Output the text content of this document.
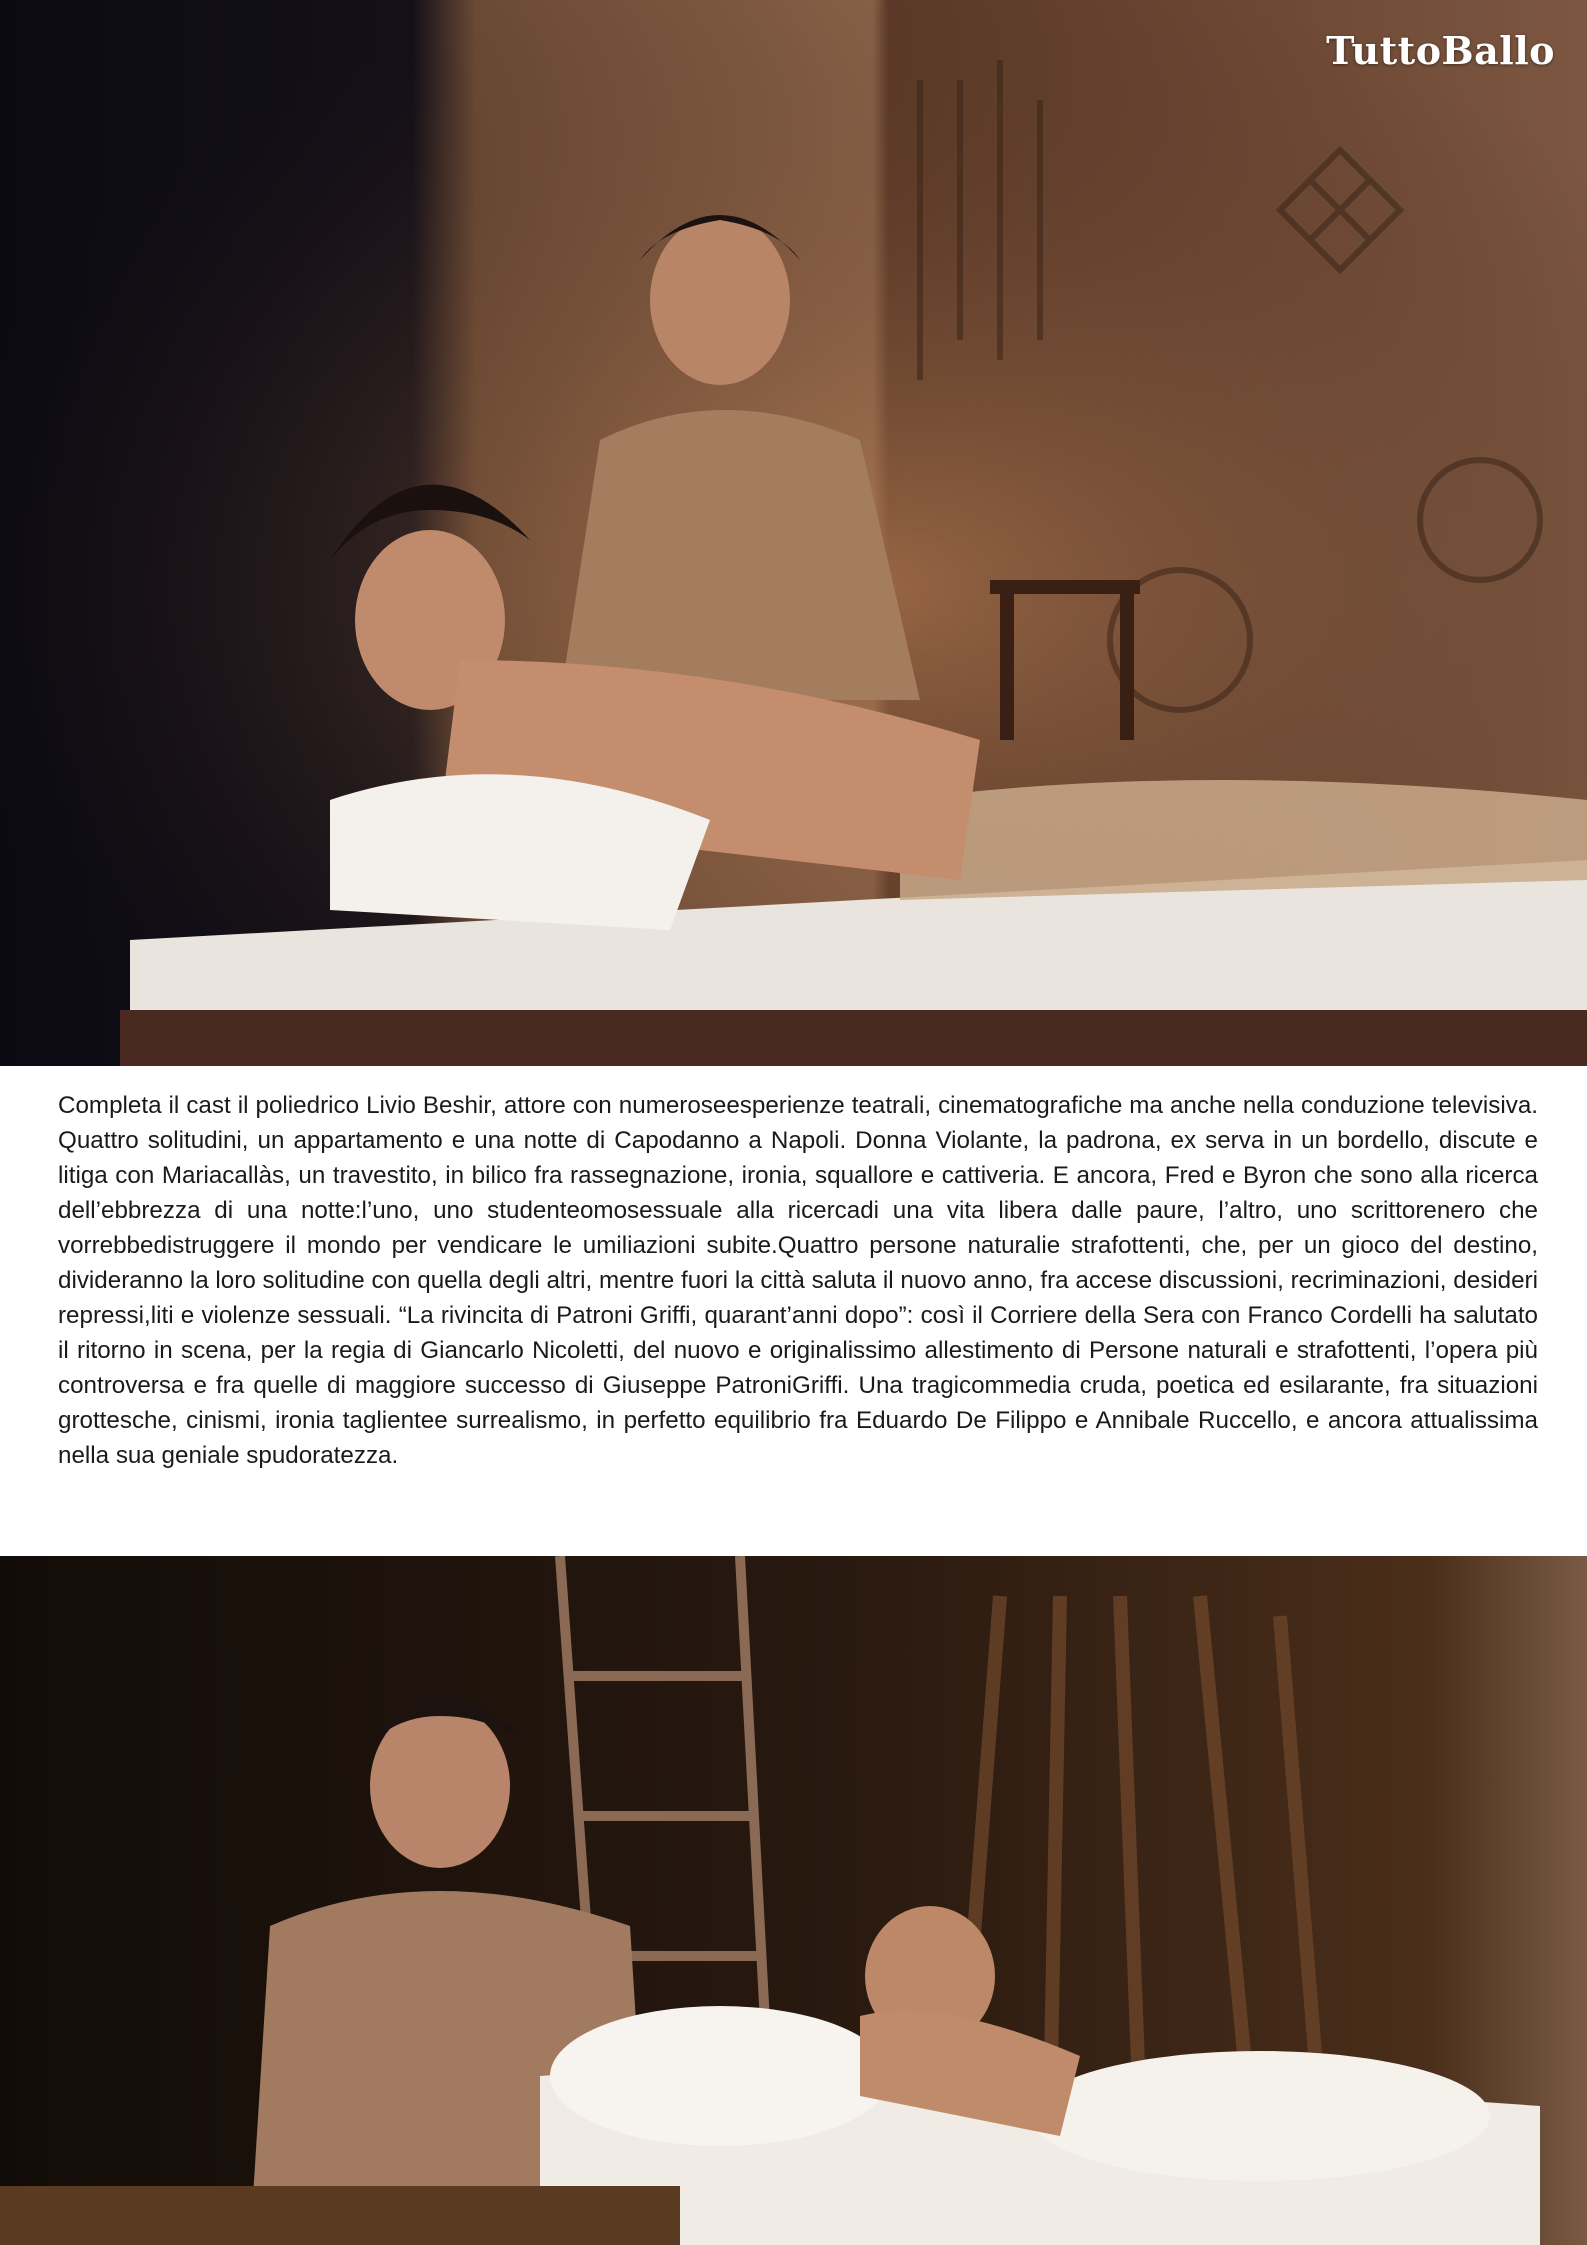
TuttoBallo

Completa il cast il poliedrico Livio Beshir, attore con numeroseesperienze teatrali, cinematografiche ma anche nella conduzione televisiva. Quattro solitudini, un appartamento e una notte di Capodanno a Napoli. Donna Violante, la padrona, ex serva in un bordello, discute e litiga con Mariacallàs, un travestito, in bilico fra rassegnazione, ironia, squallore e cattiveria. E ancora, Fred e Byron che sono alla ricerca dell’ebbrezza di una notte:l’uno, uno studenteomosessuale alla ricercadi una vita libera dalle paure, l’altro, uno scrittorenero che vorrebbedistruggere il mondo per vendicare le umiliazioni subite.Quattro persone naturalie strafottenti, che, per un gioco del destino, divideranno la loro solitudine con quella degli altri, mentre fuori la città saluta il nuovo anno, fra accese discussioni, recriminazioni, desideri repressi,liti e violenze sessuali. “La rivincita di Patroni Griffi, quarant’anni dopo”: così il Corriere della Sera con Franco Cordelli ha salutato il ritorno in scena, per la regia di Giancarlo Nicoletti, del nuovo e originalissimo allestimento di Persone naturali e strafottenti, l’opera più controversa e fra quelle di maggiore successo di Giuseppe PatroniGriffi. Una tragicommedia cruda, poetica ed esilarante, fra situazioni grottesche, cinismi, ironia taglientee surrealismo, in perfetto equilibrio fra Eduardo De Filippo e Annibale Ruccello, e ancora attualissima nella sua geniale spudoratezza.
